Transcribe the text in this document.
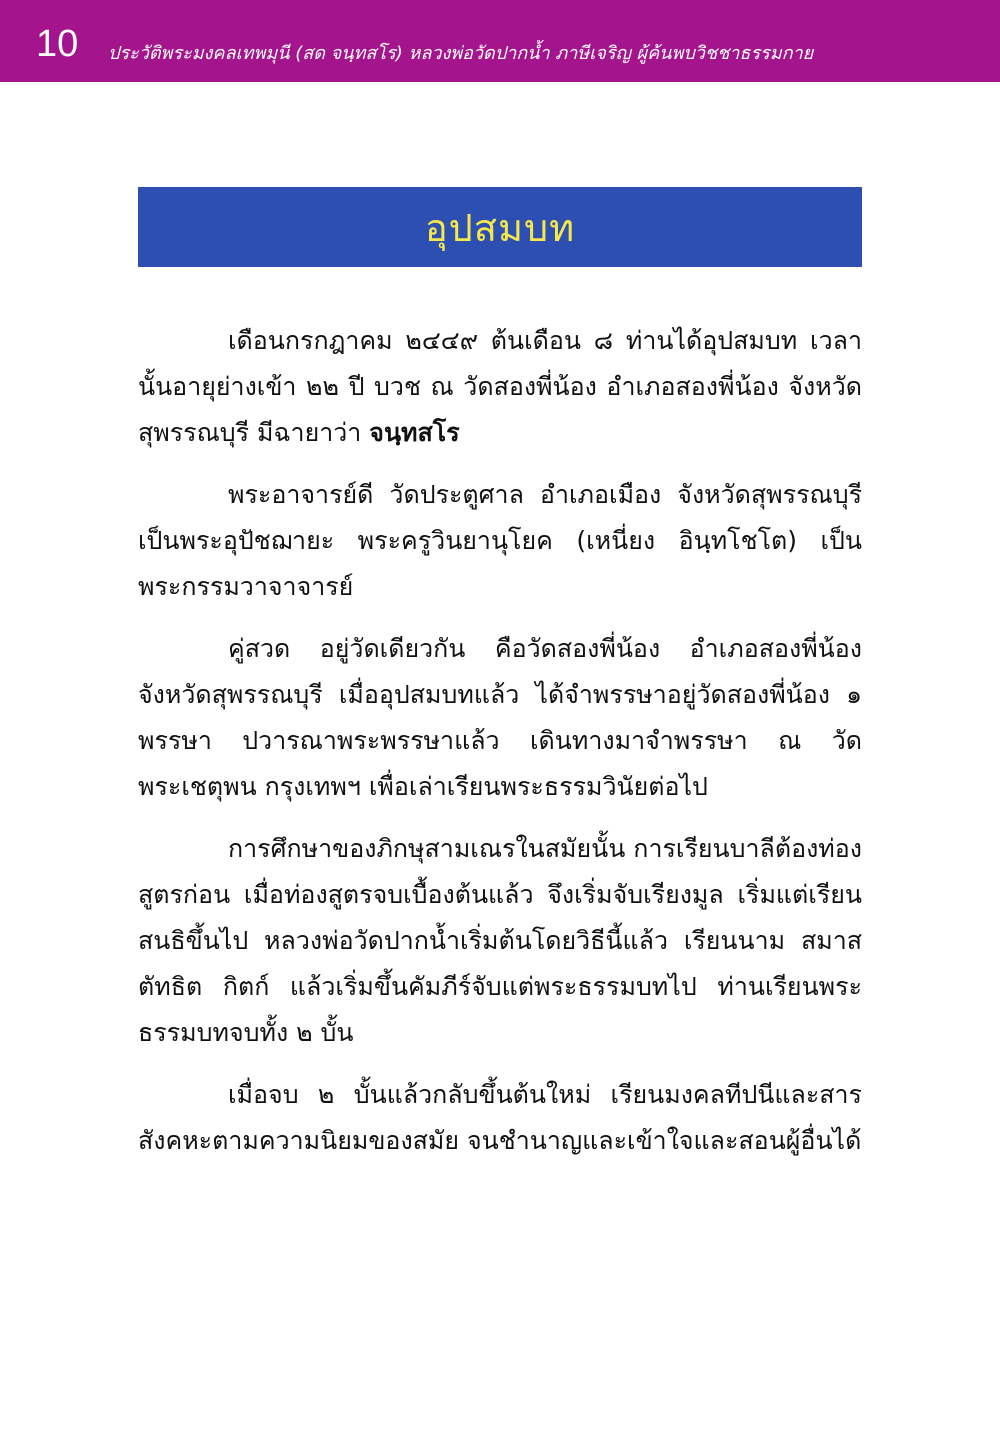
10 ประวัติพระมงคลเทพมุนี (สด จนฺทสโร) หลวงพ่อวัดปากน้ำ ภาษีเจริญ ผู้ค้นพบวิชชาธรรมกาย
อุปสมบท

เดือนกรกฎาคม ๒๔๔๙ ต้นเดือน ๘ ท่านได้อุปสมบท เวลานั้นอายุย่างเข้า ๒๒ ปี บวช ณ วัดสองพี่น้อง อำเภอสองพี่น้อง จังหวัดสุพรรณบุรี มีฉายาว่า จนฺทสโร

พระอาจารย์ดี วัดประตูศาล อำเภอเมือง จังหวัดสุพรรณบุรี เป็นพระอุปัชฌายะ พระครูวินยานุโยค (เหนี่ยง อินฺทโชโต) เป็นพระกรรมวาจาจารย์

คู่สวด อยู่วัดเดียวกัน คือวัดสองพี่น้อง อำเภอสองพี่น้อง จังหวัดสุพรรณบุรี เมื่ออุปสมบทแล้ว ได้จำพรรษาอยู่วัดสองพี่น้อง ๑ พรรษา ปวารณาพระพรรษาแล้ว เดินทางมาจำพรรษา ณ วัดพระเชตุพน กรุงเทพฯ เพื่อเล่าเรียนพระธรรมวินัยต่อไป

การศึกษาของภิกษุสามเณรในสมัยนั้น การเรียนบาลีต้องท่องสูตรก่อน เมื่อท่องสูตรจบเบื้องต้นแล้ว จึงเริ่มจับเรียงมูล เริ่มแต่เรียนสนธิขึ้นไป หลวงพ่อวัดปากน้ำเริ่มต้นโดยวิธีนี้แล้ว เรียนนาม สมาส ตัทธิต กิตก์ แล้วเริ่มขึ้นคัมภีร์จับแต่พระธรรมบทไป ท่านเรียนพระธรรมบทจบทั้ง ๒ บั้น

เมื่อจบ ๒ บั้นแล้วกลับขึ้นต้นใหม่ เรียนมงคลทีปนีและสารสังคหะตามความนิยมของสมัย จนชำนาญและเข้าใจและสอนผู้อื่นได้
